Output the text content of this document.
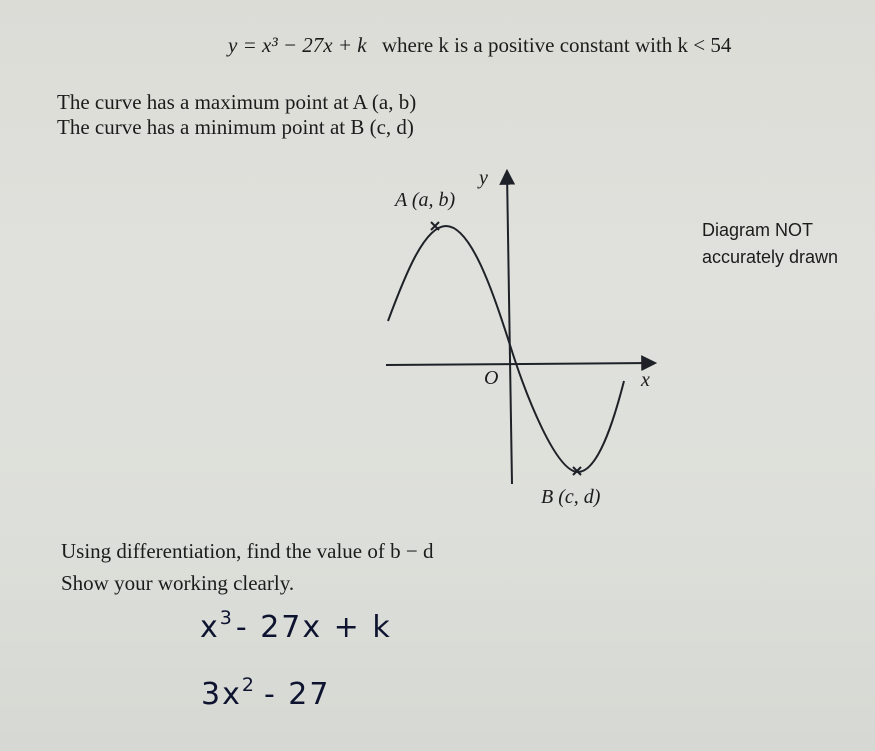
y = x³ − 27x + k where k is a positive constant with k < 54
The curve has a maximum point at A (a, b)
The curve has a minimum point at B (c, d)
y
x
O
A (a, b)
B (c, d)
Diagram NOT
accurately drawn
Using differentiation, find the value of b − d
Show your working clearly.
$x^3-$ 27x + k
$3x^2 - 27$
